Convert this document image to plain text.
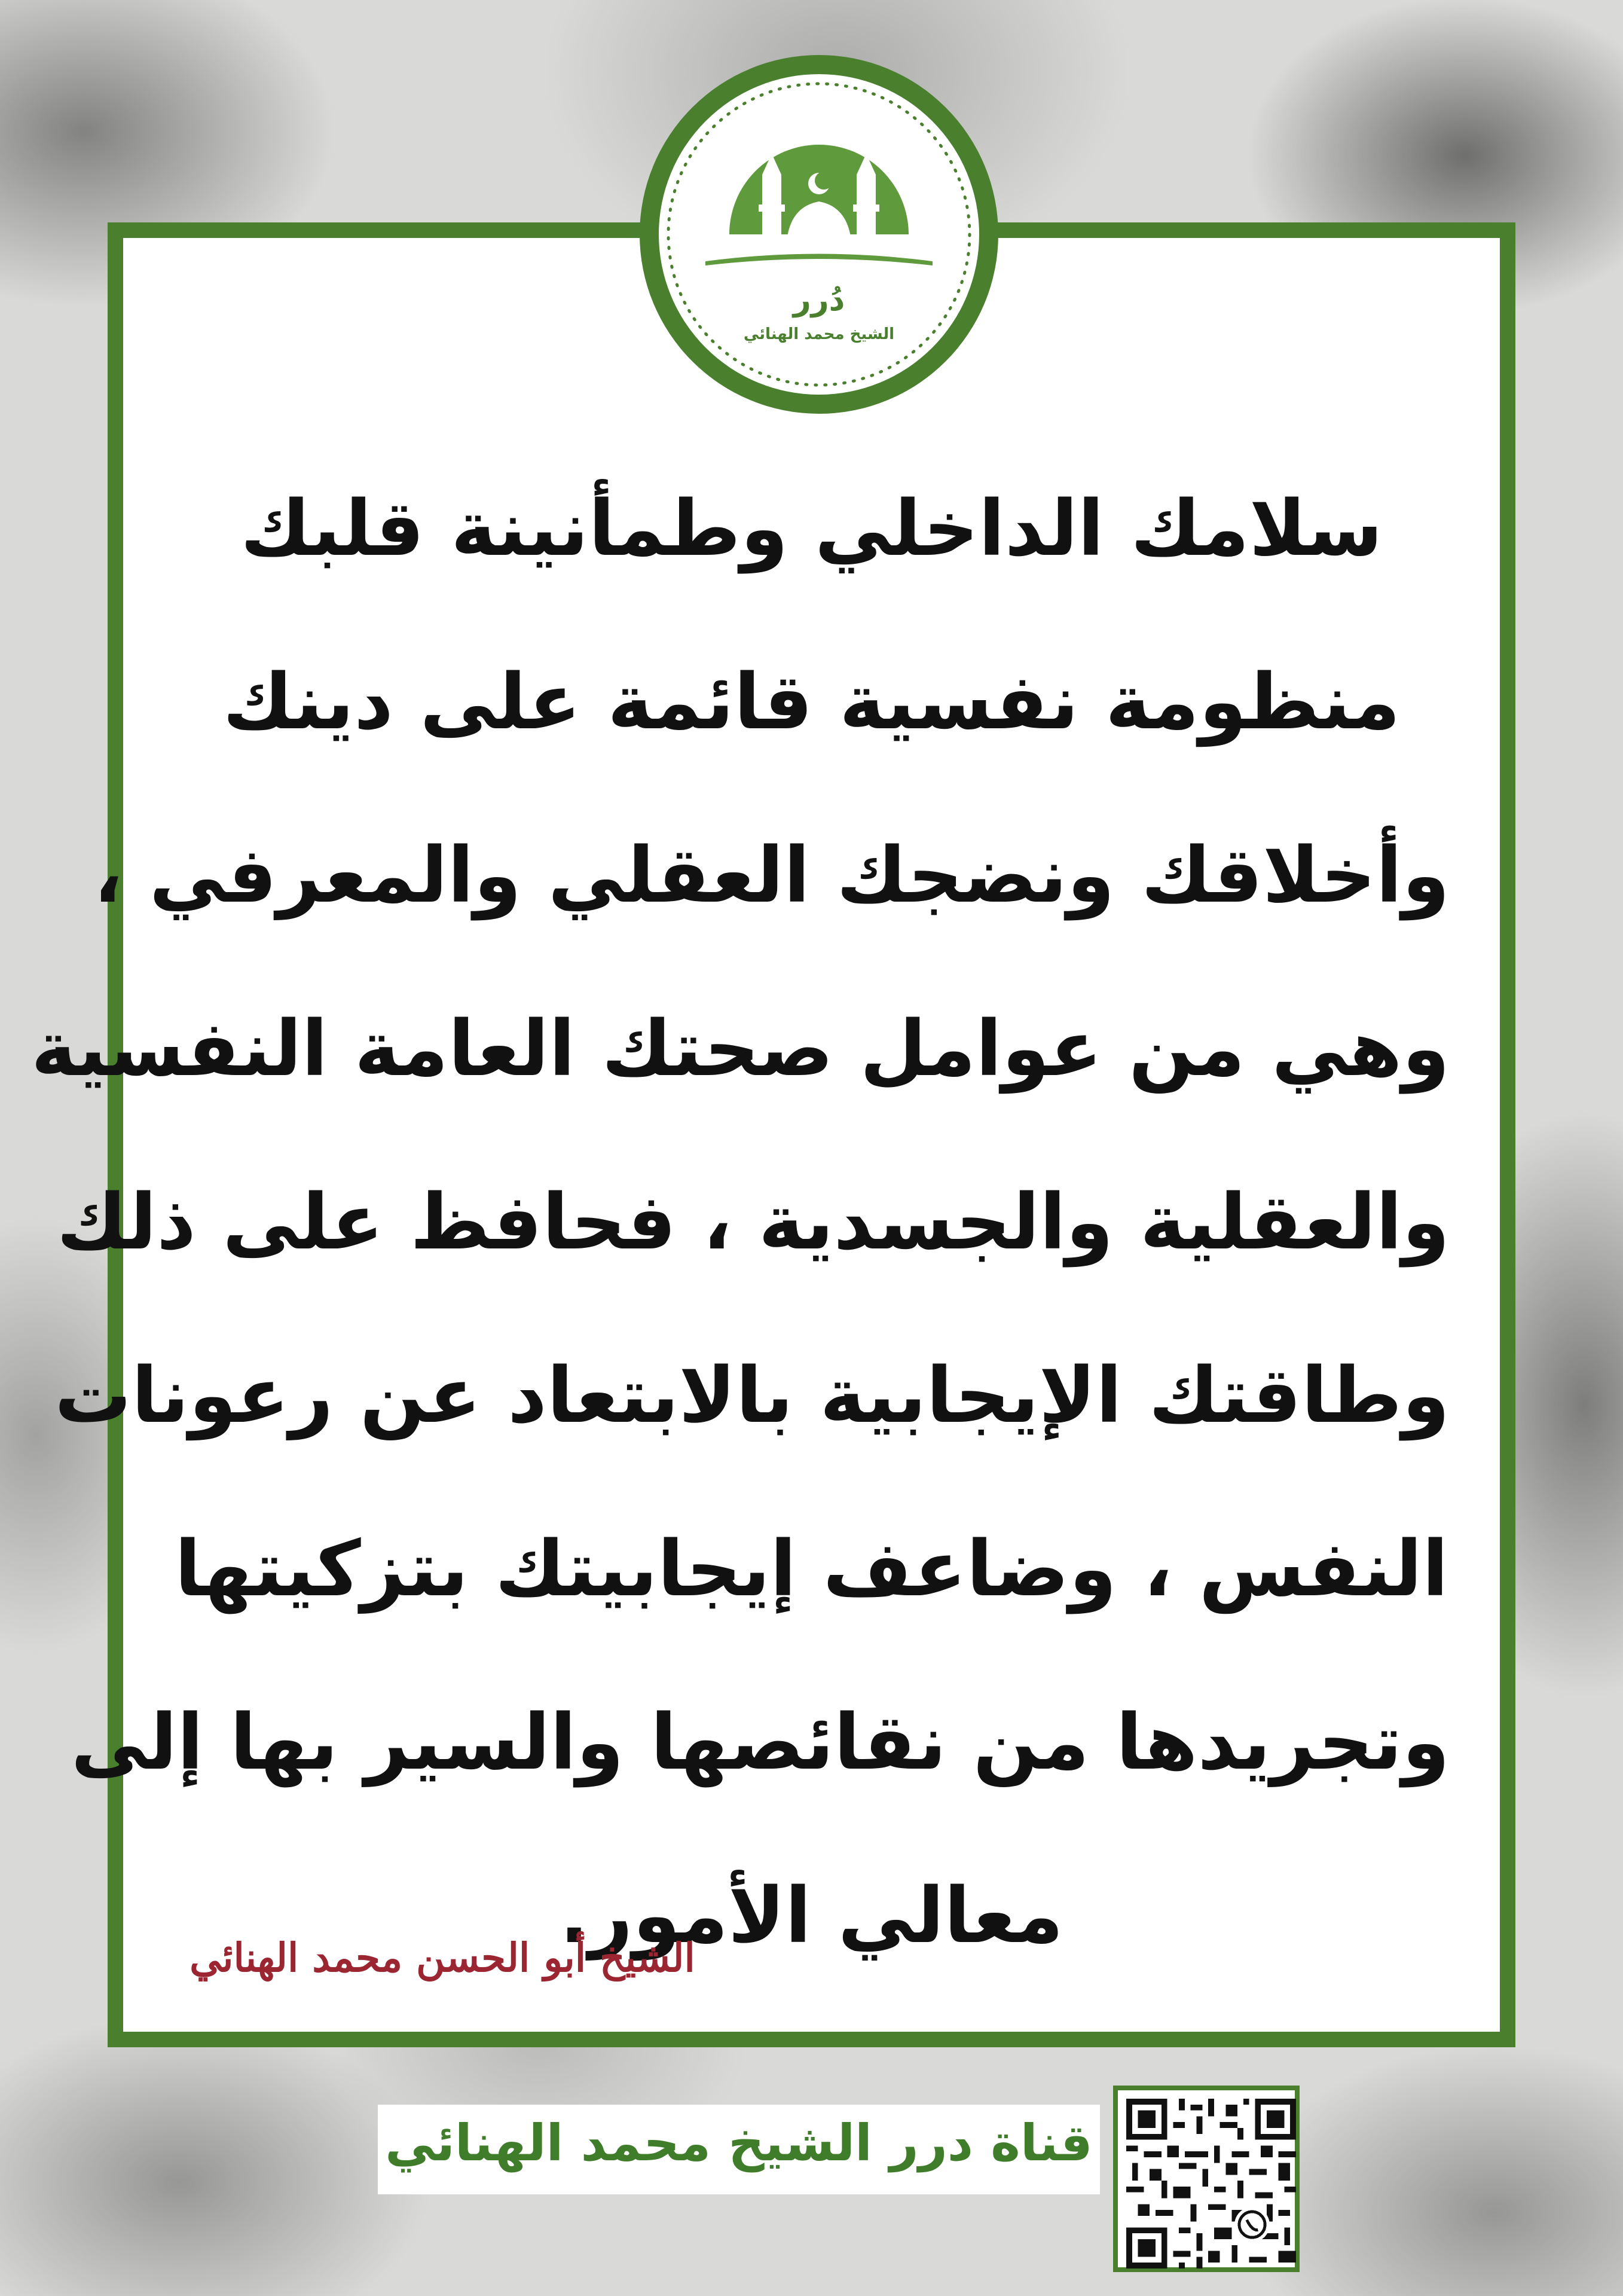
دُرر
الشيخ محمد الهنائي
سلامك الداخلي وطمأنينة قلبك
منظومة نفسية قائمة على دينك
وأخلاقك ونضجك العقلي والمعرفي ،
وهي من عوامل صحتك العامة النفسية
والعقلية والجسدية ، فحافظ على ذلك
وطاقتك الإيجابية بالابتعاد عن رعونات
النفس ، وضاعف إيجابيتك بتزكيتها
وتجريدها من نقائصها والسير بها إلى
معالي الأمور.
الشيخ أبو الحسن محمد الهنائي
قناة درر الشيخ محمد الهنائي
